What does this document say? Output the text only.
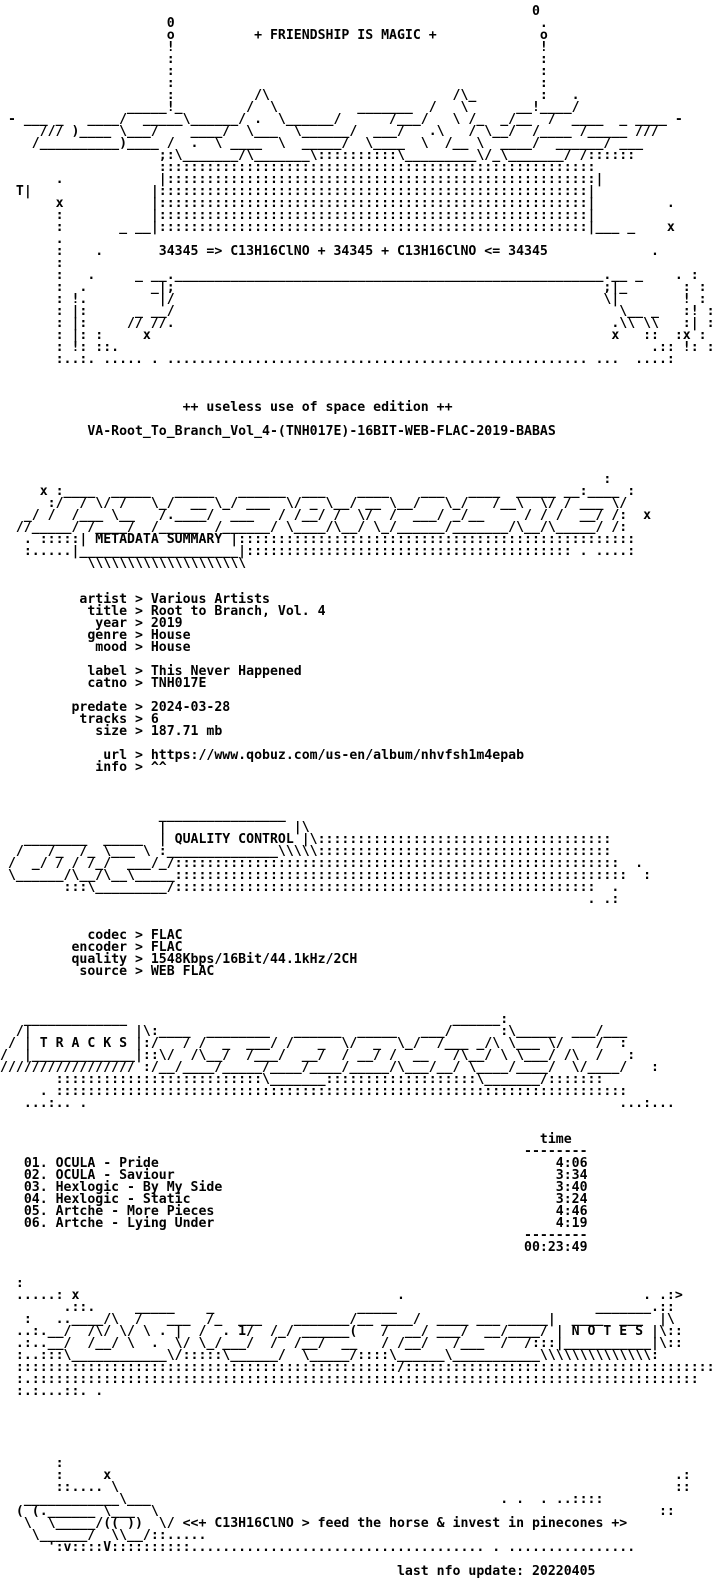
0
0                                              .
o          + FRIENDSHIP IS MAGIC +             o
!                                              !
:                                              :
:                                              :
:                                              :
:          /\                       /\_        :   .
_____!_        /  \          _______  /   \      __!____/
- ___ _   ____/  _____\______/ .  \______/      /___/   \ /_  _/__  /  ____  _ ____ -
/// )____ \___/    ____/  \___  \______/  ___/   .\   / \__/  /____ /_____ ///
/__________)____ /  .  \ ____  \  _____/  \____  \  /__ \  ____/  ______/ ___
;:\_______/\_______\::::::::::\_________\/_\_______/ /::::::
:::::::::::::::::::::::::::::::::::::::::::::::::::::::
.            |::::::::::::::::::::::::::::::::::::::::::::::::::::::|
T|               |::::::::::::::::::::::::::::::::::::::::::::::::::::::|
x           |::::::::::::::::::::::::::::::::::::::::::::::::::::::|         .
:           |::::::::::::::::::::::::::::::::::::::::::::::::::::::|
:       _ __|::::::::::::::::::::::::::::::::::::::::::::::::::::::|___ _    x
.
:    .       34345 => C13H16ClNO + 34345 + C13H16ClNO <= 34345             .
:
:   .     _ __.______________________________________________________.__ _    . :
:  .        _|;                                                      ;|_       : :
: !.         |/                                                      \|        ! :
: |:      _ __/                                                        \__ _   :! :
: |:     // //.                                                       .\\ \\   :| :
: |: :     x                                                          x   ::  :x :
: !: ::.                                                                   .:: !: :
:..:. ..... . ..................................................... ...  ....:
++ useless use of space edition ++
VA-Root_To_Branch_Vol_4-(TNH017E)-16BIT-WEB-FLAC-2019-BABAS
:
x :____  _____   _____   ______  ___    ____    ___   ____  _____ __:____ :
:/  / \/ /   \_/  __ \_/ ___  \/ _ \__/ __ \__/   \_/   /__\  \/ / ___ \/
_/ /  /___ \__   /.____/  ___   / /__/ /  \/  /  ___/ _/__     / / /  __/ /:  x
//_____/ /____/  /_____  /______/ \____/\__/ \_/______/_______/\__/\_____/ /:
. :::::| METADATA SUMMARY |::::::::::::::::::::::::::::::::::::::::::::::::::
:.....|____________________|::::::::::::::::::::::::::::::::::::::::: . ....:
\\\\\\\\\\\\\\\\\\\\
artist > Various Artists
title > Root to Branch, Vol. 4
year > 2019
genre > House
mood > House
label > This Never Happened
catno > TNH017E
predate > 2024-03-28
tracks > 6
size > 187.71 mb
url > https://www.qobuz.com/us-en/album/nhvfsh1m4epab
info > ^^
________________
|                |\
________  _____  | QUALITY CONTROL |\:::::::::::::::::::::::::::::::::::::
/   /_  /_ \___ \ :______________\\\\\:::::::::::::::::::::::::::::::::::::
/  _/ / / /_/  ___/_/::::::::::::::::::::::::::::::::::::::::::::::::::::::::  .
\______/\__/\__\_____:::::::::::::::::::::::::::::::::::::::::::::::::::::::::  :
:::\_________/:::::::::::::::::::::::::::::::::::::::::::::::::::::  .
. .:
codec > FLAC
encoder > FLAC
quality > 1548Kbps/16Bit/44.1kHz/2CH
source > WEB FLAC
_____________                                         ______:
/|             |\:____  ________   ______  _____   ___/      :\_____  ___/___
/ | T R A C K S |:/   / /  _  ___/ /   _  \/  _  \_/  /___ _/\ \___ \/    /  :
/  |_____________|::\/  /\__/  /___/  __/  / __/ /  __   /\__/ \ \___/ /\  /   :
///////////////// :/__/____/_____/____/____/_____/\___/__/ \____/____/  \/____/   :
::::::::::::::::::::::::::\_______:::::::::::::::::::\_______/:::::::
. ::::::::::::::::::::::::::::::::::::::::::::::::::::::::::::::::::::::::
...:.. .                                                                   ...:...
time
--------
01. OCULA - Pride                                                  4:06
02. OCULA - Saviour                                                3:34
03. Hexlogic - By My Side                                          3:40
04. Hexlogic - Static                                              3:24
05. Artche - More Pieces                                           4:46
06. Artche - Lying Under                                           4:19
--------
00:23:49
:
.....: x                                        .                              . .:>
.::.     _____    _                  _____                         _______.::
:   ..____/\  /   ___  /_  ___    _______/__ ____/  ____ ___ _____|  ____  ___  |\
..:.__/  /\/ \/ \ . |  /  . 1/  /_/ ______(   /  __/ ___/  __/____/ | N O T E S |\::
.:..__/  /__/ \  .  \/ \_/___/  /  /__/  __   / /__/   /___  /  /:::|___________|\::
:..:::\____________\/:::::\______/  \_____/::::\______\___________\\\\\\\\\\\\\\:
::::::::::::::::::::::::::::::::::::::::::::::::/:::::::::::::::::::::::::::::::::::::::
:.::::::::::::::::::::::::::::::::::::::::::::::::::::::::::::::::::::::::::::::::::::
:.:...::. .
:
:     x                                                                       .:
::.... \                                                                      ::
____________\___                                            . .  . ..::::
( (.______ \___  \                                                               ::
\  \_____/(( ))  \/ <<+ C13H16ClNO > feed the horse & invest in pinecones +>
\______/  \\__/::.....
':v::::V::::::::::..................................... . ................
last nfo update: 20220405
